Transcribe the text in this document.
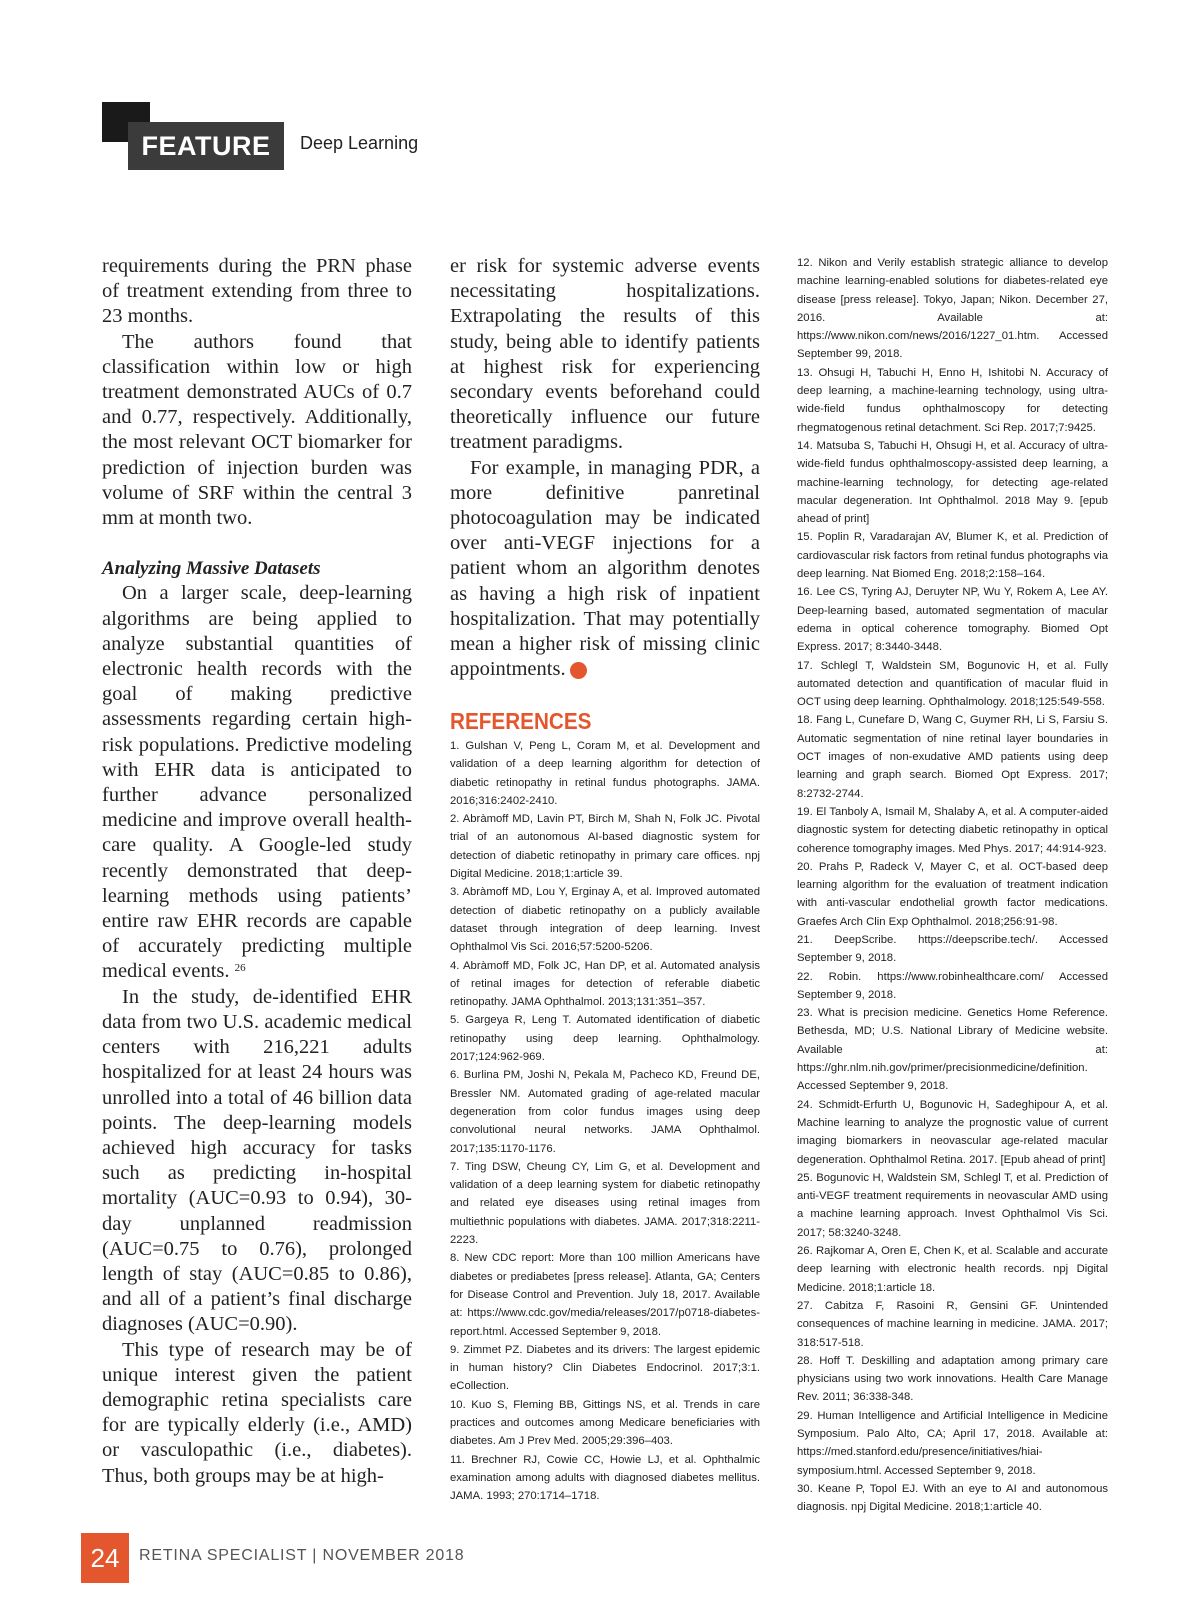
FEATURE	Deep Learning

requirements during the PRN phase of treatment extending from three to 23 months.

The authors found that classification within low or high treatment demonstrated AUCs of 0.7 and 0.77, respectively. Additionally, the most relevant OCT biomarker for prediction of injection burden was volume of SRF within the central 3 mm at month two.

Analyzing Massive Datasets

On a larger scale, deep-learning algorithms are being applied to analyze substantial quantities of electronic health records with the goal of making predictive assessments regarding certain high-risk populations. Predictive modeling with EHR data is anticipated to further advance personalized medicine and improve overall health-care quality. A Google-led study recently demonstrated that deep-learning methods using patients’ entire raw EHR records are capable of accurately predicting multiple medical events. $^{26}$

In the study, de-identified EHR data from two U.S. academic medical centers with 216,221 adults hospitalized for at least 24 hours was unrolled into a total of 46 billion data points. The deep-learning models achieved high accuracy for tasks such as predicting in-hospital mortality (AUC=0.93 to 0.94), 30-day unplanned readmission (AUC=0.75 to 0.76), prolonged length of stay (AUC=0.85 to 0.86), and all of a patient’s final discharge diagnoses (AUC=0.90).

This type of research may be of unique interest given the patient demographic retina specialists care for are typically elderly (i.e., AMD) or vasculopathic (i.e., diabetes). Thus, both groups may be at high-

er risk for systemic adverse events necessitating hospitalizations. Extrapolating the results of this study, being able to identify patients at highest risk for experiencing secondary events beforehand could theoretically influence our future treatment paradigms.

For example, in managing PDR, a more definitive panretinal photocoagulation may be indicated over anti-VEGF injections for a patient whom an algorithm denotes as having a high risk of inpatient hospitalization. That may potentially mean a higher risk of missing clinic appointments.	RS

REFERENCES
1. Gulshan V, Peng L, Coram M, et al. Development and validation of a deep learning algorithm for detection of diabetic retinopathy in retinal fundus photographs. JAMA. 2016;316:2402-2410.
2. Abràmoff MD, Lavin PT, Birch M, Shah N, Folk JC. Pivotal trial of an autonomous AI-based diagnostic system for detection of diabetic retinopathy in primary care offices. npj Digital Medicine. 2018;1:article 39.
3. Abràmoff MD, Lou Y, Erginay A, et al. Improved automated detection of diabetic retinopathy on a publicly available dataset through integration of deep learning. Invest Ophthalmol Vis Sci. 2016;57:5200-5206.
4. Abràmoff MD, Folk JC, Han DP, et al. Automated analysis of retinal images for detection of referable diabetic retinopathy. JAMA Ophthalmol. 2013;131:351–357.
5. Gargeya R, Leng T. Automated identification of diabetic retinopathy using deep learning. Ophthalmology. 2017;124:962-969.
6. Burlina PM, Joshi N, Pekala M, Pacheco KD, Freund DE, Bressler NM. Automated grading of age-related macular degeneration from color fundus images using deep convolutional neural networks. JAMA Ophthalmol. 2017;135:1170-1176.
7. Ting DSW, Cheung CY, Lim G, et al. Development and validation of a deep learning system for diabetic retinopathy and related eye diseases using retinal images from multiethnic populations with diabetes. JAMA. 2017;318:2211-2223.
8. New CDC report: More than 100 million Americans have diabetes or prediabetes [press release]. Atlanta, GA; Centers for Disease Control and Prevention. July 18, 2017. Available at: https://www.cdc.gov/media/releases/2017/p0718-diabetes-report.html. Accessed September 9, 2018.
9. Zimmet PZ. Diabetes and its drivers: The largest epidemic in human history? Clin Diabetes Endocrinol. 2017;3:1. eCollection.
10. Kuo S, Fleming BB, Gittings NS, et al. Trends in care practices and outcomes among Medicare beneficiaries with diabetes. Am J Prev Med. 2005;29:396–403.
11. Brechner RJ, Cowie CC, Howie LJ, et al. Ophthalmic examination among adults with diagnosed diabetes mellitus. JAMA. 1993; 270:1714–1718.
12. Nikon and Verily establish strategic alliance to develop machine learning-enabled solutions for diabetes-related eye disease [press release]. Tokyo, Japan; Nikon. December 27, 2016. Available at: https://www.nikon.com/news/2016/1227_01.htm. Accessed September 99, 2018.
13. Ohsugi H, Tabuchi H, Enno H, Ishitobi N. Accuracy of deep learning, a machine-learning technology, using ultra-wide-field fundus ophthalmoscopy for detecting rhegmatogenous retinal detachment. Sci Rep. 2017;7:9425.
14. Matsuba S, Tabuchi H, Ohsugi H, et al. Accuracy of ultra-wide-field fundus ophthalmoscopy-assisted deep learning, a machine-learning technology, for detecting age-related macular degeneration. Int Ophthalmol. 2018 May 9. [epub ahead of print]
15. Poplin R, Varadarajan AV, Blumer K, et al. Prediction of cardiovascular risk factors from retinal fundus photographs via deep learning. Nat Biomed Eng. 2018;2:158–164.
16. Lee CS, Tyring AJ, Deruyter NP, Wu Y, Rokem A, Lee AY. Deep-learning based, automated segmentation of macular edema in optical coherence tomography. Biomed Opt Express. 2017; 8:3440-3448.
17. Schlegl T, Waldstein SM, Bogunovic H, et al. Fully automated detection and quantification of macular fluid in OCT using deep learning. Ophthalmology. 2018;125:549-558.
18. Fang L, Cunefare D, Wang C, Guymer RH, Li S, Farsiu S. Automatic segmentation of nine retinal layer boundaries in OCT images of non-exudative AMD patients using deep learning and graph search. Biomed Opt Express. 2017; 8:2732-2744.
19. El Tanboly A, Ismail M, Shalaby A, et al. A computer-aided diagnostic system for detecting diabetic retinopathy in optical coherence tomography images. Med Phys. 2017; 44:914-923.
20. Prahs P, Radeck V, Mayer C, et al. OCT-based deep learning algorithm for the evaluation of treatment indication with anti-vascular endothelial growth factor medications. Graefes Arch Clin Exp Ophthalmol. 2018;256:91-98.
21. DeepScribe. https://deepscribe.tech/. Accessed September 9, 2018.
22. Robin. https://www.robinhealthcare.com/ Accessed September 9, 2018.
23. What is precision medicine. Genetics Home Reference. Bethesda, MD; U.S. National Library of Medicine website. Available at: https://ghr.nlm.nih.gov/primer/precisionmedicine/definition. Accessed September 9, 2018.
24. Schmidt-Erfurth U, Bogunovic H, Sadeghipour A, et al. Machine learning to analyze the prognostic value of current imaging biomarkers in neovascular age-related macular degeneration. Ophthalmol Retina. 2017. [Epub ahead of print]
25. Bogunovic H, Waldstein SM, Schlegl T, et al. Prediction of anti-VEGF treatment requirements in neovascular AMD using a machine learning approach. Invest Ophthalmol Vis Sci. 2017; 58:3240-3248.
26. Rajkomar A, Oren E, Chen K, et al. Scalable and accurate deep learning with electronic health records. npj Digital Medicine. 2018;1:article 18.
27. Cabitza F, Rasoini R, Gensini GF. Unintended consequences of machine learning in medicine. JAMA. 2017; 318:517-518.
28. Hoff T. Deskilling and adaptation among primary care physicians using two work innovations. Health Care Manage Rev. 2011; 36:338-348.
29. Human Intelligence and Artificial Intelligence in Medicine Symposium. Palo Alto, CA; April 17, 2018. Available at: https://med.stanford.edu/presence/initiatives/hiai-symposium.html. Accessed September 9, 2018.
30. Keane P, Topol EJ. With an eye to AI and autonomous diagnosis. npj Digital Medicine. 2018;1:article 40.
24	RETINA SPECIALIST | NOVEMBER 2018
